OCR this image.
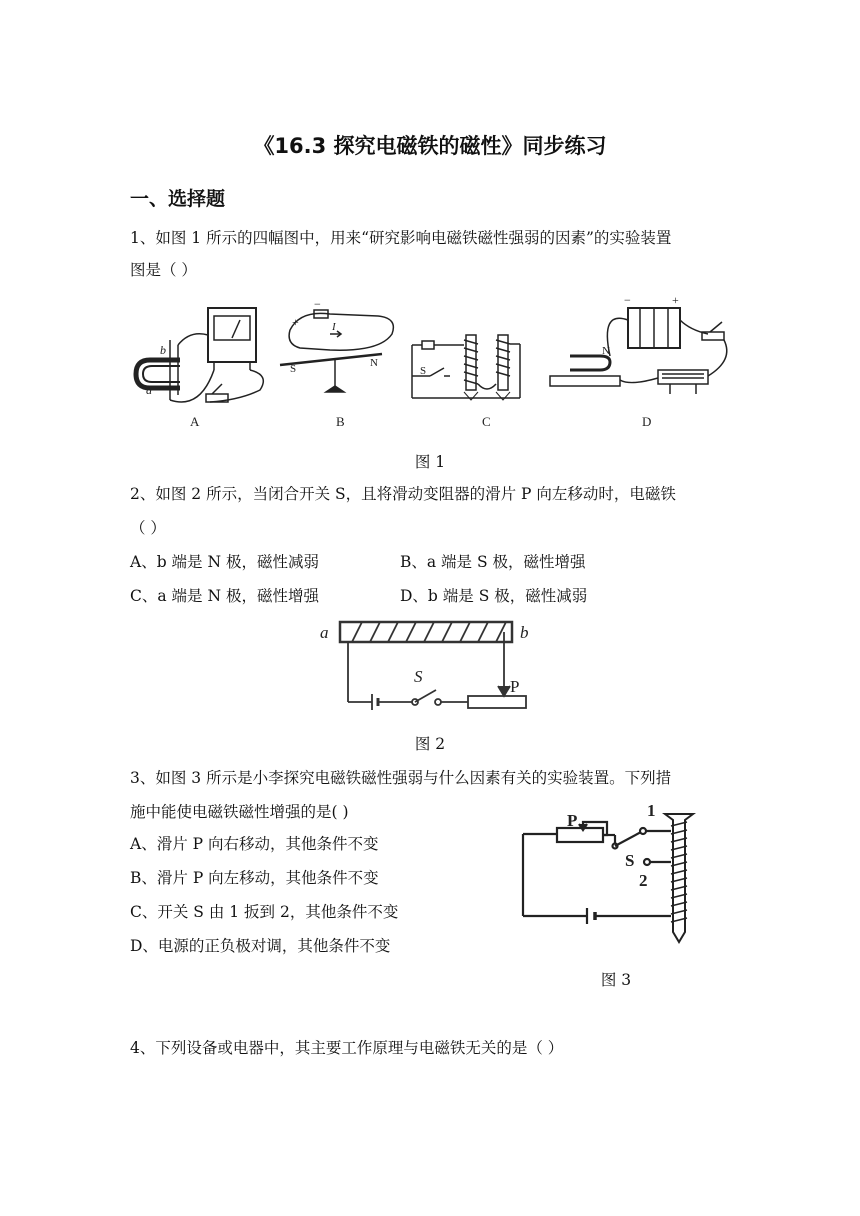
《16.3 探究电磁铁的磁性》同步练习
一、选择题
1、如图 1 所示的四幅图中，用来“研究影响电磁铁磁性强弱的因素”的实验装置
图是（ ）
a
b
A
+
−
I
S	N
B
S
C
−	+
N
D
图 1
2、如图 2 所示，当闭合开关 S，且将滑动变阻器的滑片 P 向左移动时，电磁铁
（ ）
A、b 端是 N 极，磁性减弱	B、a 端是 S 极，磁性增强
C、a 端是 N 极，磁性增强	D、b 端是 S 极，磁性减弱
a	b
S
P
图 2
3、如图 3 所示是小李探究电磁铁磁性强弱与什么因素有关的实验装置。下列措
施中能使电磁铁磁性增强的是( )
A、滑片 P 向右移动，其他条件不变
B、滑片 P 向左移动，其他条件不变
C、开关 S 由 1 扳到 2，其他条件不变
D、电源的正负极对调，其他条件不变
P
1
S
2
图 3
4、下列设备或电器中，其主要工作原理与电磁铁无关的是（ ）
